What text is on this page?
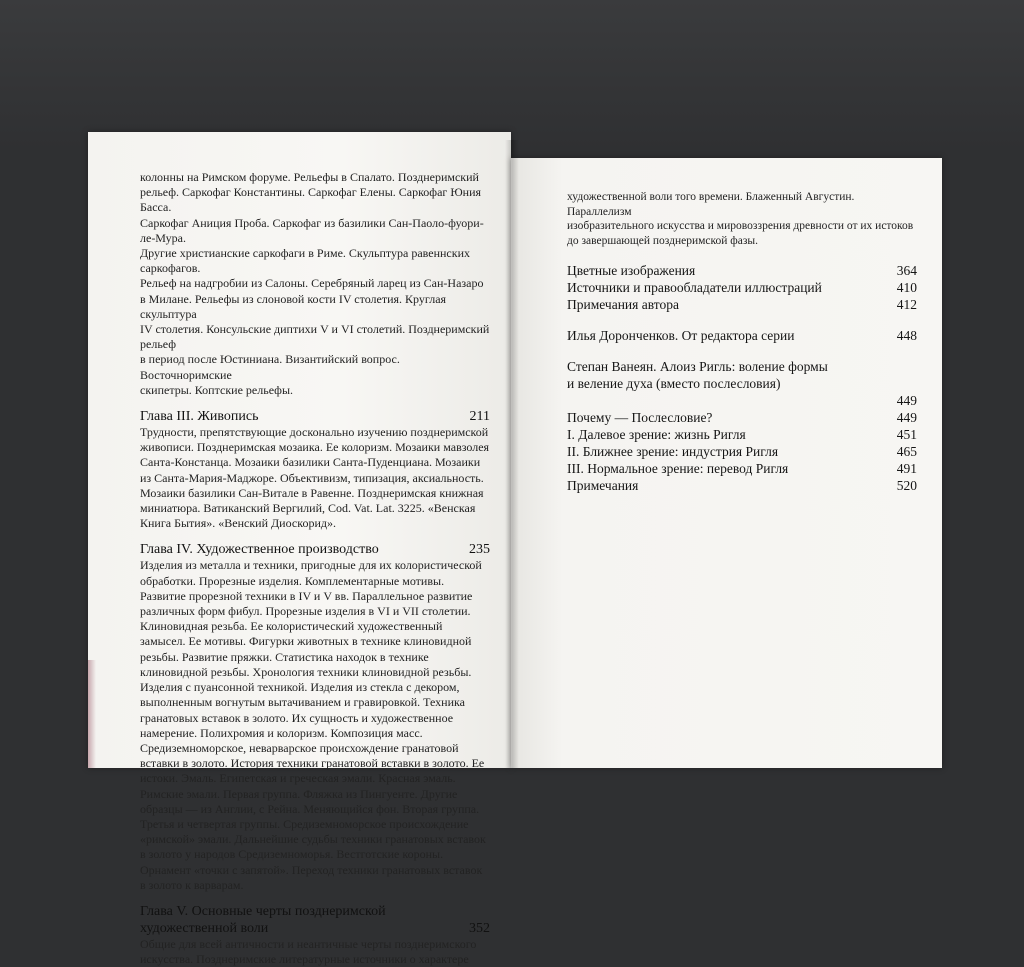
колонны на Римском форуме. Рельефы в Спалато. Позднеримский

рельеф. Саркофаг Константины. Саркофаг Елены. Саркофаг Юния Басса.

Саркофаг Аниция Проба. Саркофаг из базилики Сан-Паоло-фуори-ле-Мура.

Другие христианские саркофаги в Риме. Скульптура равеннских саркофагов.

Рельеф на надгробии из Салоны. Серебряный ларец из Сан-Назаро

в Милане. Рельефы из слоновой кости IV столетия. Круглая скульптура

IV столетия. Консульские диптихи V и VI столетий. Позднеримский рельеф

в период после Юстиниана. Византийский вопрос. Восточноримские

скипетры. Коптские рельефы.

Глава III. Живопись	211
Трудности, препятствующие досконально изучению позднеримской живописи. Позднеримская мозаика. Ее колоризм. Мозаики мавзолея Санта-Констанца. Мозаики базилики Санта-Пуденциана. Мозаики из Санта-Мария-Маджоре. Объективизм, типизация, аксиальность. Мозаики базилики Сан-Витале в Равенне. Позднеримская книжная миниатюра. Ватиканский Вергилий, Cod. Vat. Lat. 3225. «Венская Книга Бытия». «Венский Диоскорид».
Глава IV. Художественное производство	235
Изделия из металла и техники, пригодные для их колористической обработки. Прорезные изделия. Комплементарные мотивы. Развитие прорезной техники в IV и V вв. Параллельное развитие различных форм фибул. Прорезные изделия в VI и VII столетии. Клиновидная резьба. Ее колористический художественный замысел. Ее мотивы. Фигурки животных в технике клиновидной резьбы. Развитие пряжки. Статистика находок в технике клиновидной резьбы. Хронология техники клиновидной резьбы. Изделия с пуансонной техникой. Изделия из стекла с декором, выполненным вогнутым вытачиванием и гравировкой. Техника гранатовых вставок в золото. Их сущность и художественное намерение. Полихромия и колоризм. Композиция масс. Средиземноморское, неварварское происхождение гранатовой вставки в золото. История техники гранатовой вставки в золото. Ее истоки. Эмаль. Египетская и греческая эмали. Красная эмаль. Римские эмали. Первая группа. Фляжка из Пингуенте. Другие образцы — из Англии, с Рейна. Меняющийся фон. Вторая группа. Третья и четвертая группы. Средиземноморское происхождение «римской» эмали. Дальнейшие судьбы техники гранатовых вставок в золото у народов Средиземноморья. Вестготские короны. Орнамент «точки с запятой». Переход техники гранатовых вставок в золото к варварам.
Глава V. Основные черты позднеримской
художественной воли	352
Общие для всей античности и неантичные черты позднеримского искусства. Позднеримские литературные источники о характере
художественной воли того времени. Блаженный Августин. Параллелизм
изобразительного искусства и мировоззрения древности от их истоков
до завершающей позднеримской фазы.
Цветные изображения	364
Источники и правообладатели иллюстраций	410
Примечания автора	412
Илья Доронченков. От редактора серии	448
Степан Ванеян. Алоиз Ригль: воление формы
и веление духа (вместо послесловия)
449
Почему — Послесловие?	449
I. Далевое зрение: жизнь Ригля	451
II. Ближнее зрение: индустрия Ригля	465
III. Нормальное зрение: перевод Ригля	491
Примечания	520
